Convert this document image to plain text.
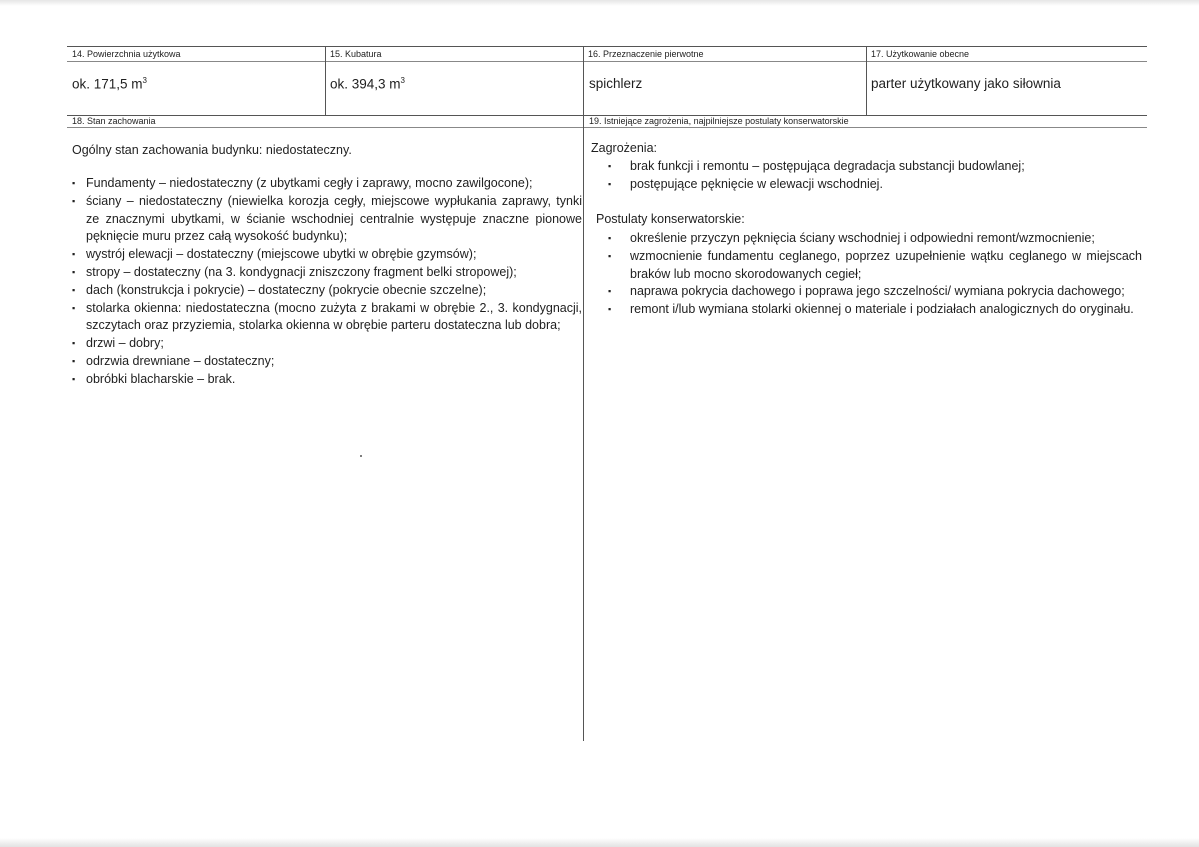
14. Powierzchnia użytkowa
ok. 171,5 $m^3$
15. Kubatura
ok. 394,3 $m^3$
16. Przeznaczenie pierwotne
spichlerz
17. Użytkowanie obecne
parter użytkowany jako siłownia
18. Stan zachowania
Ogólny stan zachowania budynku: niedostateczny.
▪ Fundamenty – niedostateczny (z ubytkami cegły i zaprawy, mocno zawilgocone);
▪ ściany – niedostateczny (niewielka korozja cegły, miejscowe wypłukania zaprawy, tynki ze znacznymi ubytkami, w ścianie wschodniej centralnie występuje znaczne pionowe pęknięcie muru przez całą wysokość budynku);
▪ wystrój elewacji – dostateczny (miejscowe ubytki w obrębie gzymsów);
▪ stropy – dostateczny (na 3. kondygnacji zniszczony fragment belki stropowej);
▪ dach (konstrukcja i pokrycie) – dostateczny (pokrycie obecnie szczelne);
▪ stolarka okienna: niedostateczna (mocno zużyta z brakami w obrębie 2., 3. kondygnacji, szczytach oraz przyziemia, stolarka okienna w obrębie parteru dostateczna lub dobra;
▪ drzwi – dobry;
▪ odrzwia drewniane – dostateczny;
▪ obróbki blacharskie – brak.
19. Istniejące zagrożenia, najpilniejsze postulaty konserwatorskie
Zagrożenia:
▪ brak funkcji i remontu – postępująca degradacja substancji budowlanej;
▪ postępujące pęknięcie w elewacji wschodniej.
Postulaty konserwatorskie:
▪ określenie przyczyn pęknięcia ściany wschodniej i odpowiedni remont/wzmocnienie;
▪ wzmocnienie fundamentu ceglanego, poprzez uzupełnienie wątku ceglanego w miejscach braków lub mocno skorodowanych cegieł;
▪ naprawa pokrycia dachowego i poprawa jego szczelności/ wymiana pokrycia dachowego;
▪ remont i/lub wymiana stolarki okiennej o materiale i podziałach analogicznych do oryginału.
